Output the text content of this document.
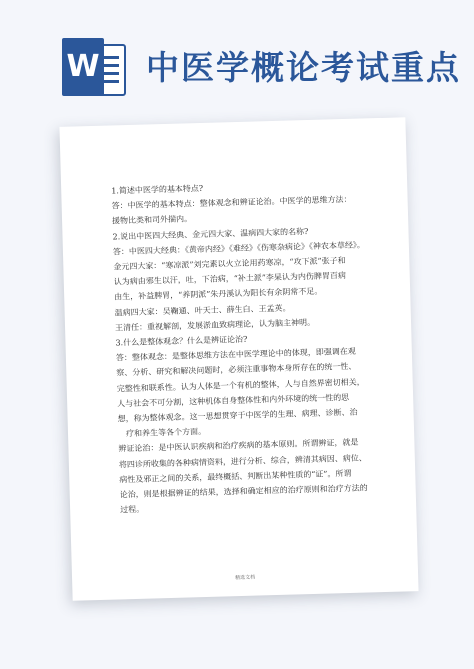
W 中医学概论考试重点

1.简述中医学的基本特点?

答：中医学的基本特点：整体观念和辨证论治。中医学的思维方法：

援物比类和司外揣内。

2.说出中医四大经典、金元四大家、温病四大家的名称?

答：中医四大经典：《黄帝内经》《难经》《伤寒杂病论》《神农本草经》。

金元四大家：“寒凉派”刘完素以火立论用药寒凉，“攻下派”张子和

认为病由邪生以汗，吐，下治病，“补土派”李杲认为内伤脾胃百病

由生，补益脾胃，“养阴派”朱丹溪认为阳长有余阴常不足。

温病四大家：吴鞠通、叶天士、薛生白、王孟英。

王清任：重视解剖，发展淤血致病理论，认为脑主神明。

3.什么是整体观念？什么是辨证论治?

答：整体观念：是整体思维方法在中医学理论中的体现，即强调在观

察、分析、研究和解决问题时，必须注重事物本身所存在的统一性、

完整性和联系性。认为人体是一个有机的整体，人与自然界密切相关，

人与社会不可分割，这种机体自身整体性和内外环境的统一性的思

想，称为整体观念。这一思想贯穿于中医学的生理、病理、诊断、治

疗和养生等各个方面。

辨证论治：是中医认识疾病和治疗疾病的基本原则。所谓辨证，就是

将四诊所收集的各种病情资料，进行分析、综合，辨清其病因、病位、

病性及邪正之间的关系，最终概括、判断出某种性质的“证”。所谓

论治，则是根据辨证的结果，选择和确定相应的治疗原则和治疗方法的

过程。

精选文档
